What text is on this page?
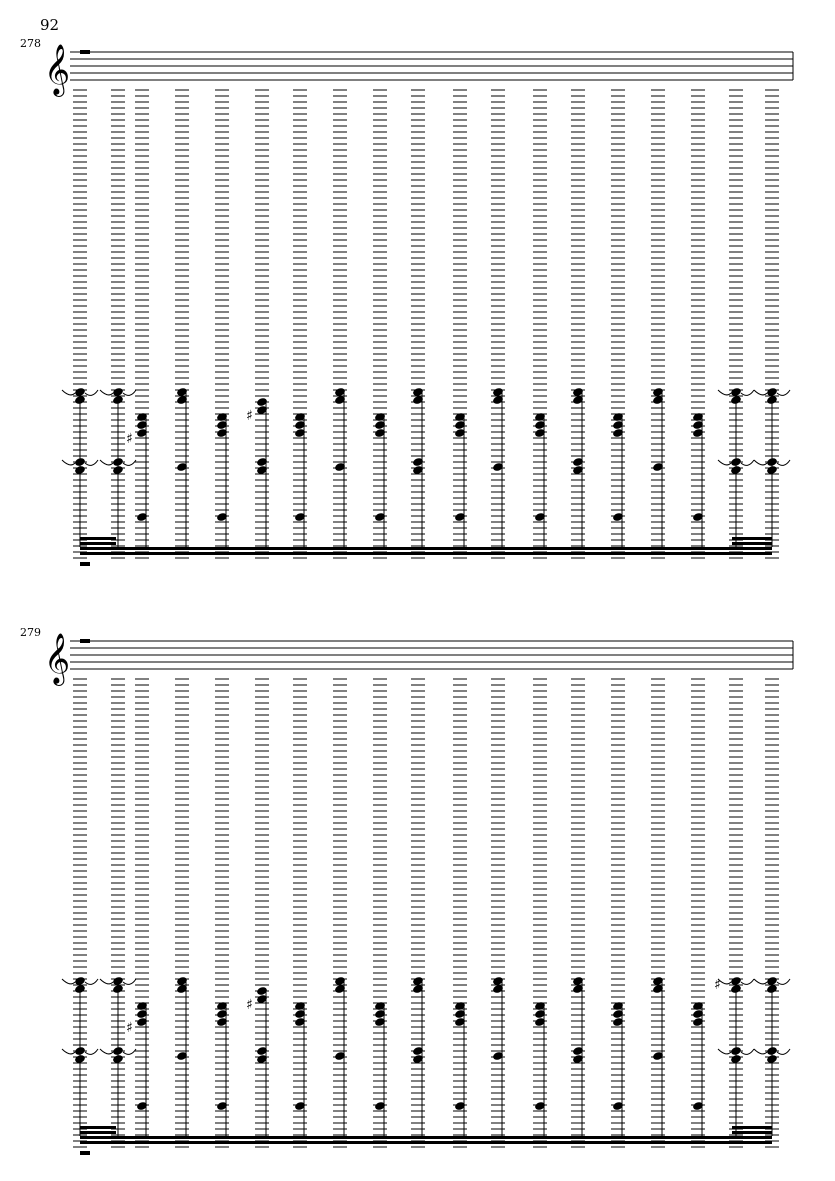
92
278
𝄞
♯
♯
279
𝄞
♯
♯
♯
